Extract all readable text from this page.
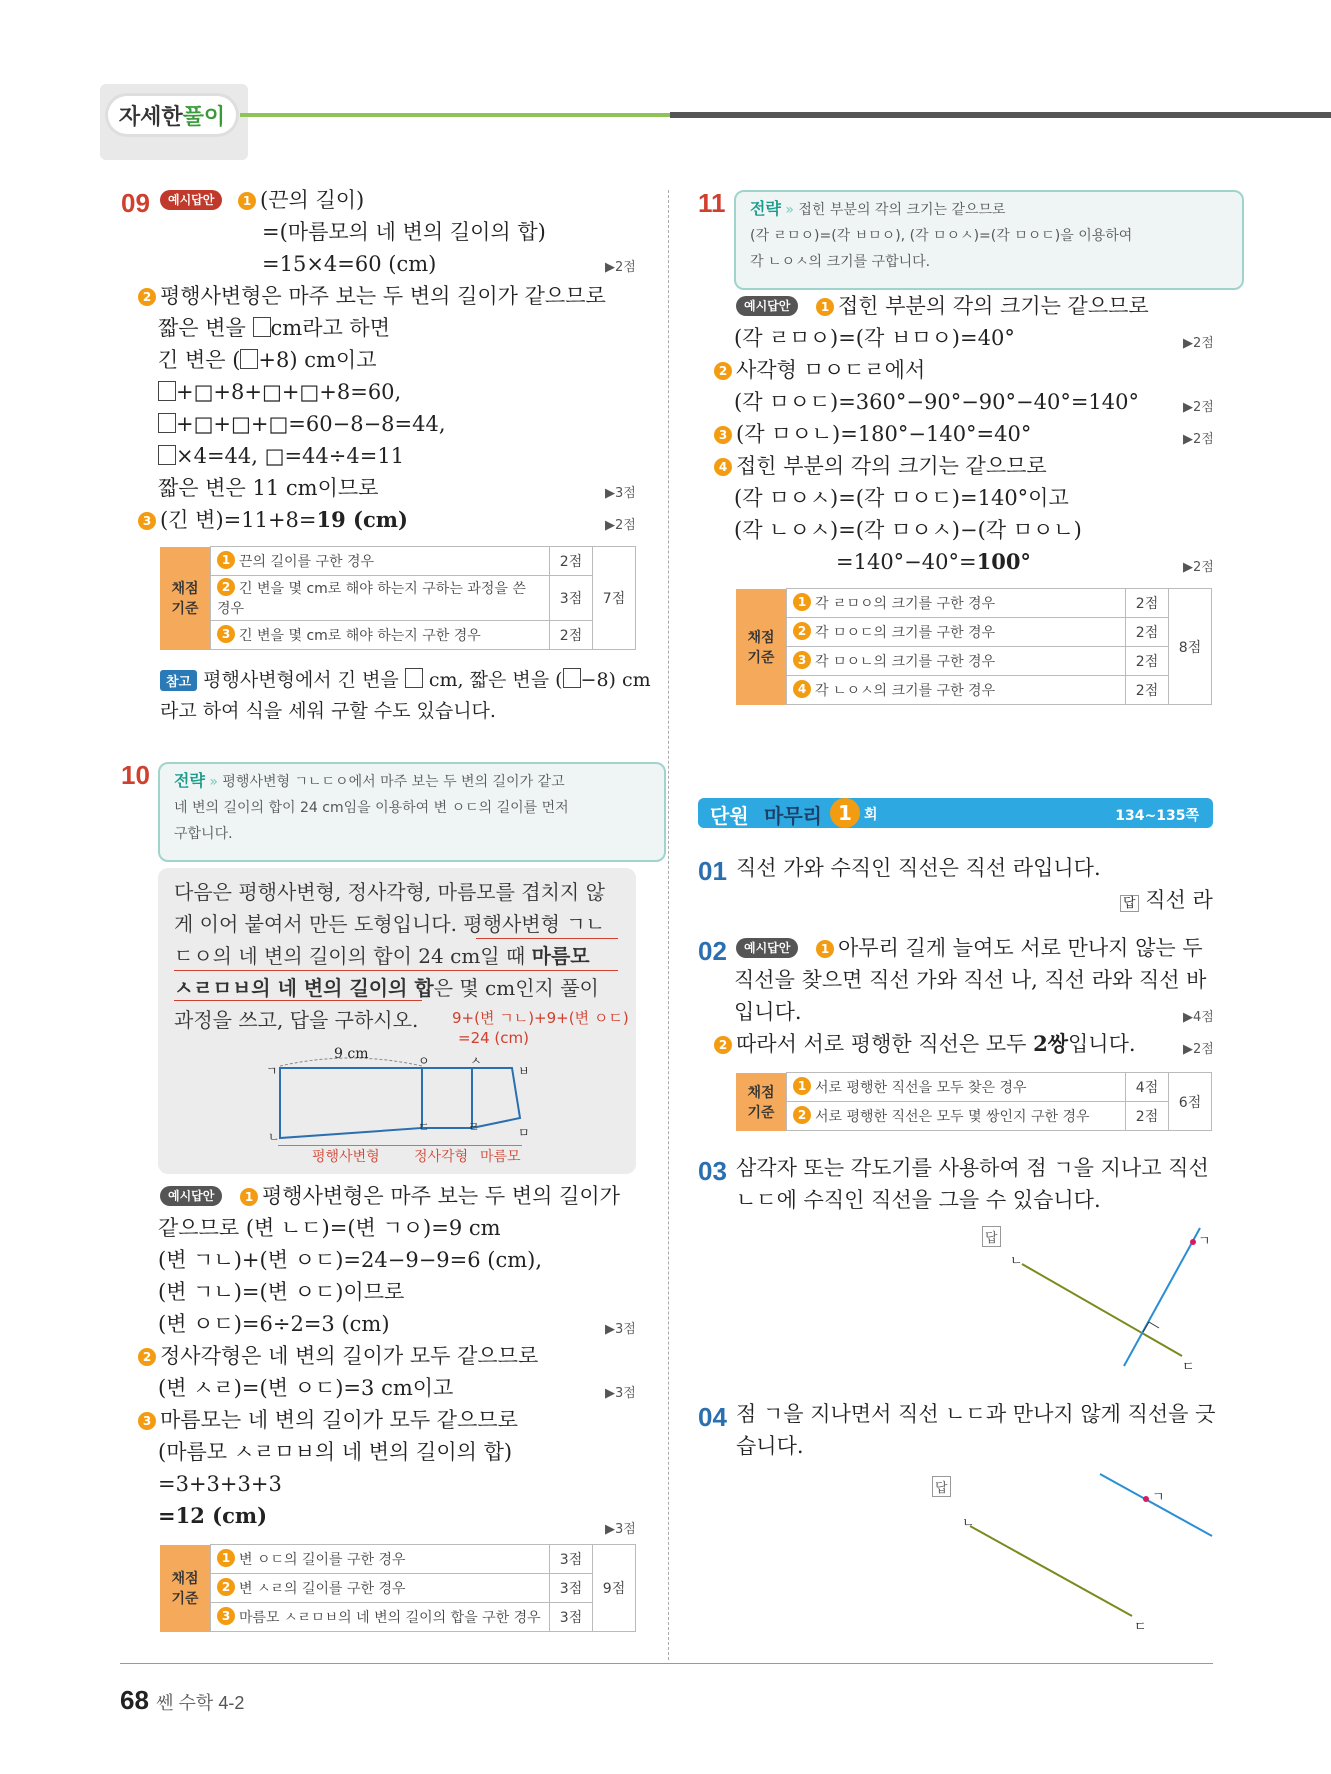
자세한 풀이
09	예시답안	1 (끈의 길이)
=(마름모의 네 변의 길이의 합)
=15×4=60 (cm)	▶2점
2 평행사변형은 마주 보는 두 변의 길이가 같으므로
짧은 변을 cm라고 하면
긴 변은 ( +8) cm이고
+□+8+□+□+8=60,
+□+□+□=60−8−8=44,
×4=44, □=44÷4=11
짧은 변은 11 cm이므로	▶3점
3 (긴 변)=11+8=19 (cm)	▶2점
채점 기준	1 끈의 길이를 구한 경우	2점	7점
	2 긴 변을 몇 cm로 해야 하는지 구하는 과정을 쓴 경우	3점	
	3 긴 변을 몇 cm로 해야 하는지 구한 경우	2점	
참고 평행사변형에서 긴 변을 cm, 짧은 변을 ( −8) cm
라고 하여 식을 세워 구할 수도 있습니다.
10 전략 » 평행사변형 ㄱㄴㄷㅇ에서 마주 보는 두 변의 길이가 같고
네 변의 길이의 합이 24 cm임을 이용하여 변 ㅇㄷ의 길이를 먼저
구합니다.
다음은 평행사변형, 정사각형, 마름모를 겹치지 않
게 이어 붙여서 만든 도형입니다. 평행사변형 ㄱㄴ
ㄷㅇ의 네 변의 길이의 합이 24 cm일 때 마름모
ㅅㄹㅁㅂ의 네 변의 길이의 합은 몇 cm인지 풀이
과정을 쓰고, 답을 구하시오. 9+(변 ㄱㄴ)+9+(변 ㅇㄷ)
=24 (cm)
9 cm
ㄱ
ㅇ	ㅅ
ㅂ
ㄴ
ㄷ	ㄹ	ㅁ
평행사변형 정사각형 마름모
예시답안	1 평행사변형은 마주 보는 두 변의 길이가
같으므로 (변 ㄴㄷ)=(변 ㄱㅇ)=9 cm
(변 ㄱㄴ)+(변 ㅇㄷ)=24−9−9=6 (cm),
(변 ㄱㄴ)=(변 ㅇㄷ)이므로
(변 ㅇㄷ)=6÷2=3 (cm)	▶3점
2 정사각형은 네 변의 길이가 모두 같으므로
(변 ㅅㄹ)=(변 ㅇㄷ)=3 cm이고	▶3점
3 마름모는 네 변의 길이가 모두 같으므로
(마름모 ㅅㄹㅁㅂ의 네 변의 길이의 합)
=3+3+3+3
=12 (cm)
▶3점
채점 기준	1 변 ㅇㄷ의 길이를 구한 경우	3점	9점
	2 변 ㅅㄹ의 길이를 구한 경우	3점	
	3 마름모 ㅅㄹㅁㅂ의 네 변의 길이의 합을 구한 경우	3점	
11 전략 » 접힌 부분의 각의 크기는 같으므로
(각 ㄹㅁㅇ)=(각 ㅂㅁㅇ), (각 ㅁㅇㅅ)=(각 ㅁㅇㄷ)을 이용하여
각 ㄴㅇㅅ의 크기를 구합니다.
예시답안	1 접힌 부분의 각의 크기는 같으므로
(각 ㄹㅁㅇ)=(각 ㅂㅁㅇ)=40°	▶2점
2 사각형 ㅁㅇㄷㄹ에서
(각 ㅁㅇㄷ)=360°−90°−90°−40°=140°	▶2점
3 (각 ㅁㅇㄴ)=180°−140°=40°	▶2점
4 접힌 부분의 각의 크기는 같으므로
(각 ㅁㅇㅅ)=(각 ㅁㅇㄷ)=140°이고
(각 ㄴㅇㅅ)=(각 ㅁㅇㅅ)−(각 ㅁㅇㄴ)
=140°−40°=100°	▶2점
채점 기준	1 각 ㄹㅁㅇ의 크기를 구한 경우	2점	8점
	2 각 ㅁㅇㄷ의 크기를 구한 경우	2점	
	3 각 ㅁㅇㄴ의 크기를 구한 경우	2점	
	4 각 ㄴㅇㅅ의 크기를 구한 경우	2점	
단원 마무리 1 회	134~135쪽
01 직선 가와 수직인 직선은 직선 라입니다.
답 직선 라
02	예시답안	1 아무리 길게 늘여도 서로 만나지 않는 두
직선을 찾으면 직선 가와 직선 나, 직선 라와 직선 바
입니다.	▶4점
2 따라서 서로 평행한 직선은 모두 2쌍입니다.	▶2점
채점 기준	1 서로 평행한 직선을 모두 찾은 경우	4점	6점
	2 서로 평행한 직선은 모두 몇 쌍인지 구한 경우	2점	
03 삼각자 또는 각도기를 사용하여 점 ㄱ을 지나고 직선
ㄴㄷ에 수직인 직선을 그을 수 있습니다.
답	ㄱ
ㄴ
ㄷ
04 점 ㄱ을 지나면서 직선 ㄴㄷ과 만나지 않게 직선을 긋
습니다.
답
ㄱ
ㄴ
ㄷ
68 쎈 수학 4-2
